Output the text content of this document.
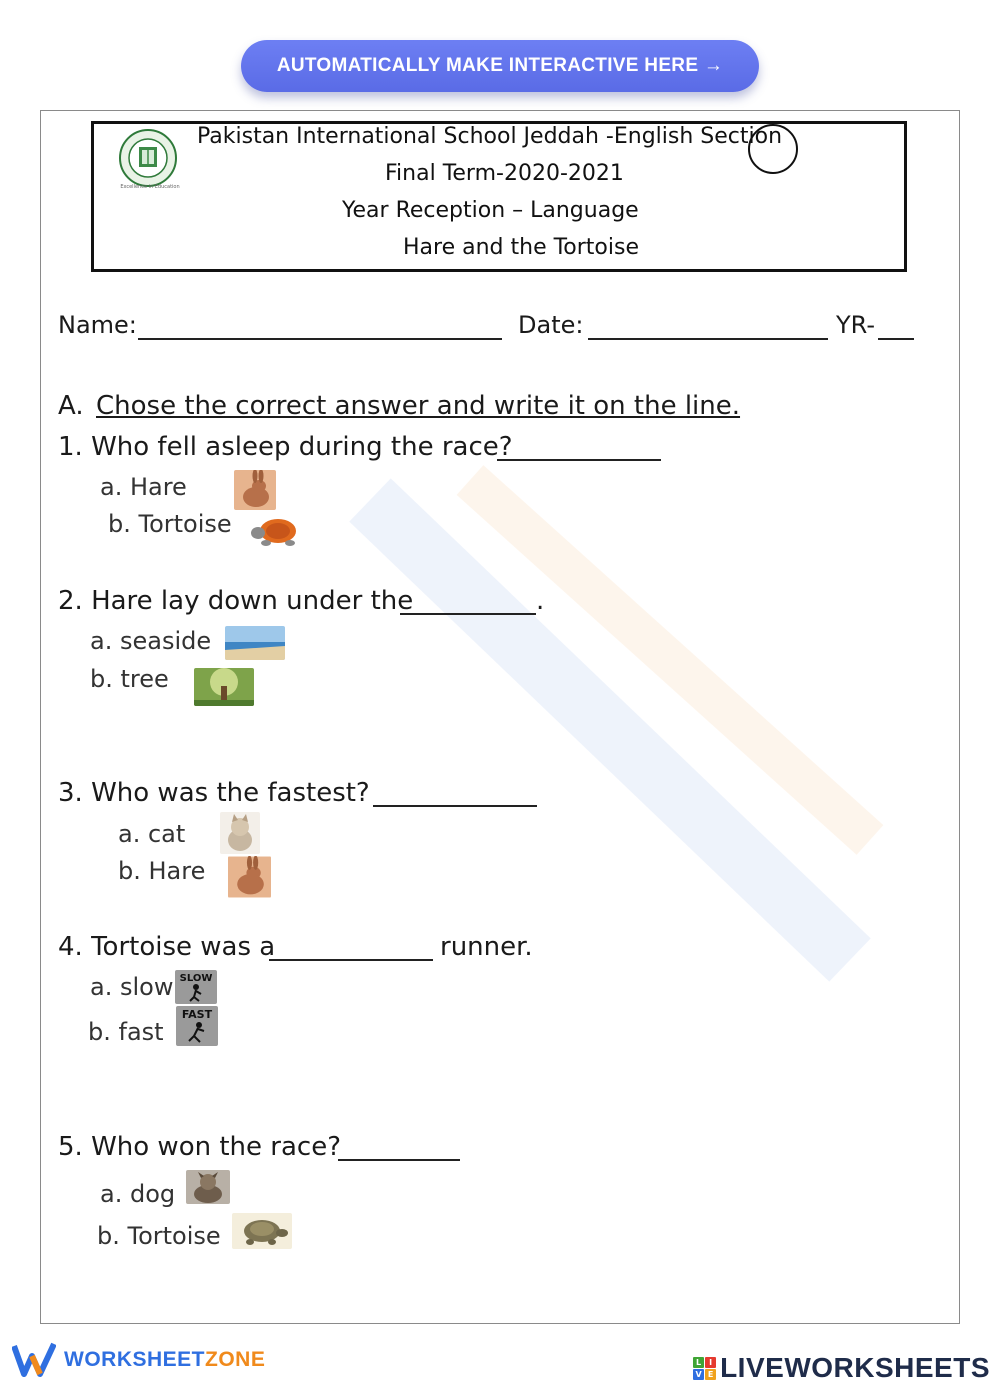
AUTOMATICALLY MAKE INTERACTIVE HERE →
Excellence in Education
Pakistan International School Jeddah -English Section
Final Term-2020-2021
Year Reception – Language
Hare and the Tortoise
Name:	Date:	YR-
A. Chose the correct answer and write it on the line.
1. Who fell asleep during the race?
a. Hare
b. Tortoise
2. Hare lay down under the	.
a. seaside
b. tree
3. Who was the fastest?
a. cat
b. Hare
4. Tortoise was a	runner.
a. slow SLOW
b. fast
FAST
5. Who won the race?
a. dog
b. Tortoise
WORKSHEETZONE	L I
V E LIVEWORKSHEETS
